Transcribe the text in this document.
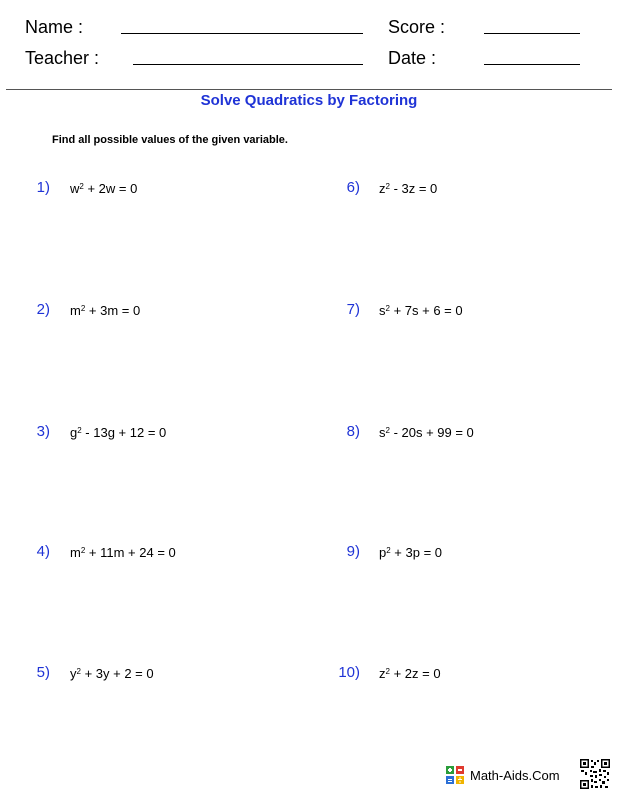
Name :
Teacher :
Score :
Date :
Solve Quadratics by Factoring
Find all possible values of the given variable.
1) $w^2 + 2w = 0$
2) $m^2 + 3m = 0$
3) $g^2 - 13g + 12 = 0$
4) $m^2 + 11m + 24 = 0$
5) $y^2 + 3y + 2 = 0$
6) $z^2 - 3z = 0$
7) $s^2 + 7s + 6 = 0$
8) $s^2 - 20s + 99 = 0$
9) $p^2 + 3p = 0$
10) $z^2 + 2z = 0$
Math-Aids.Com
